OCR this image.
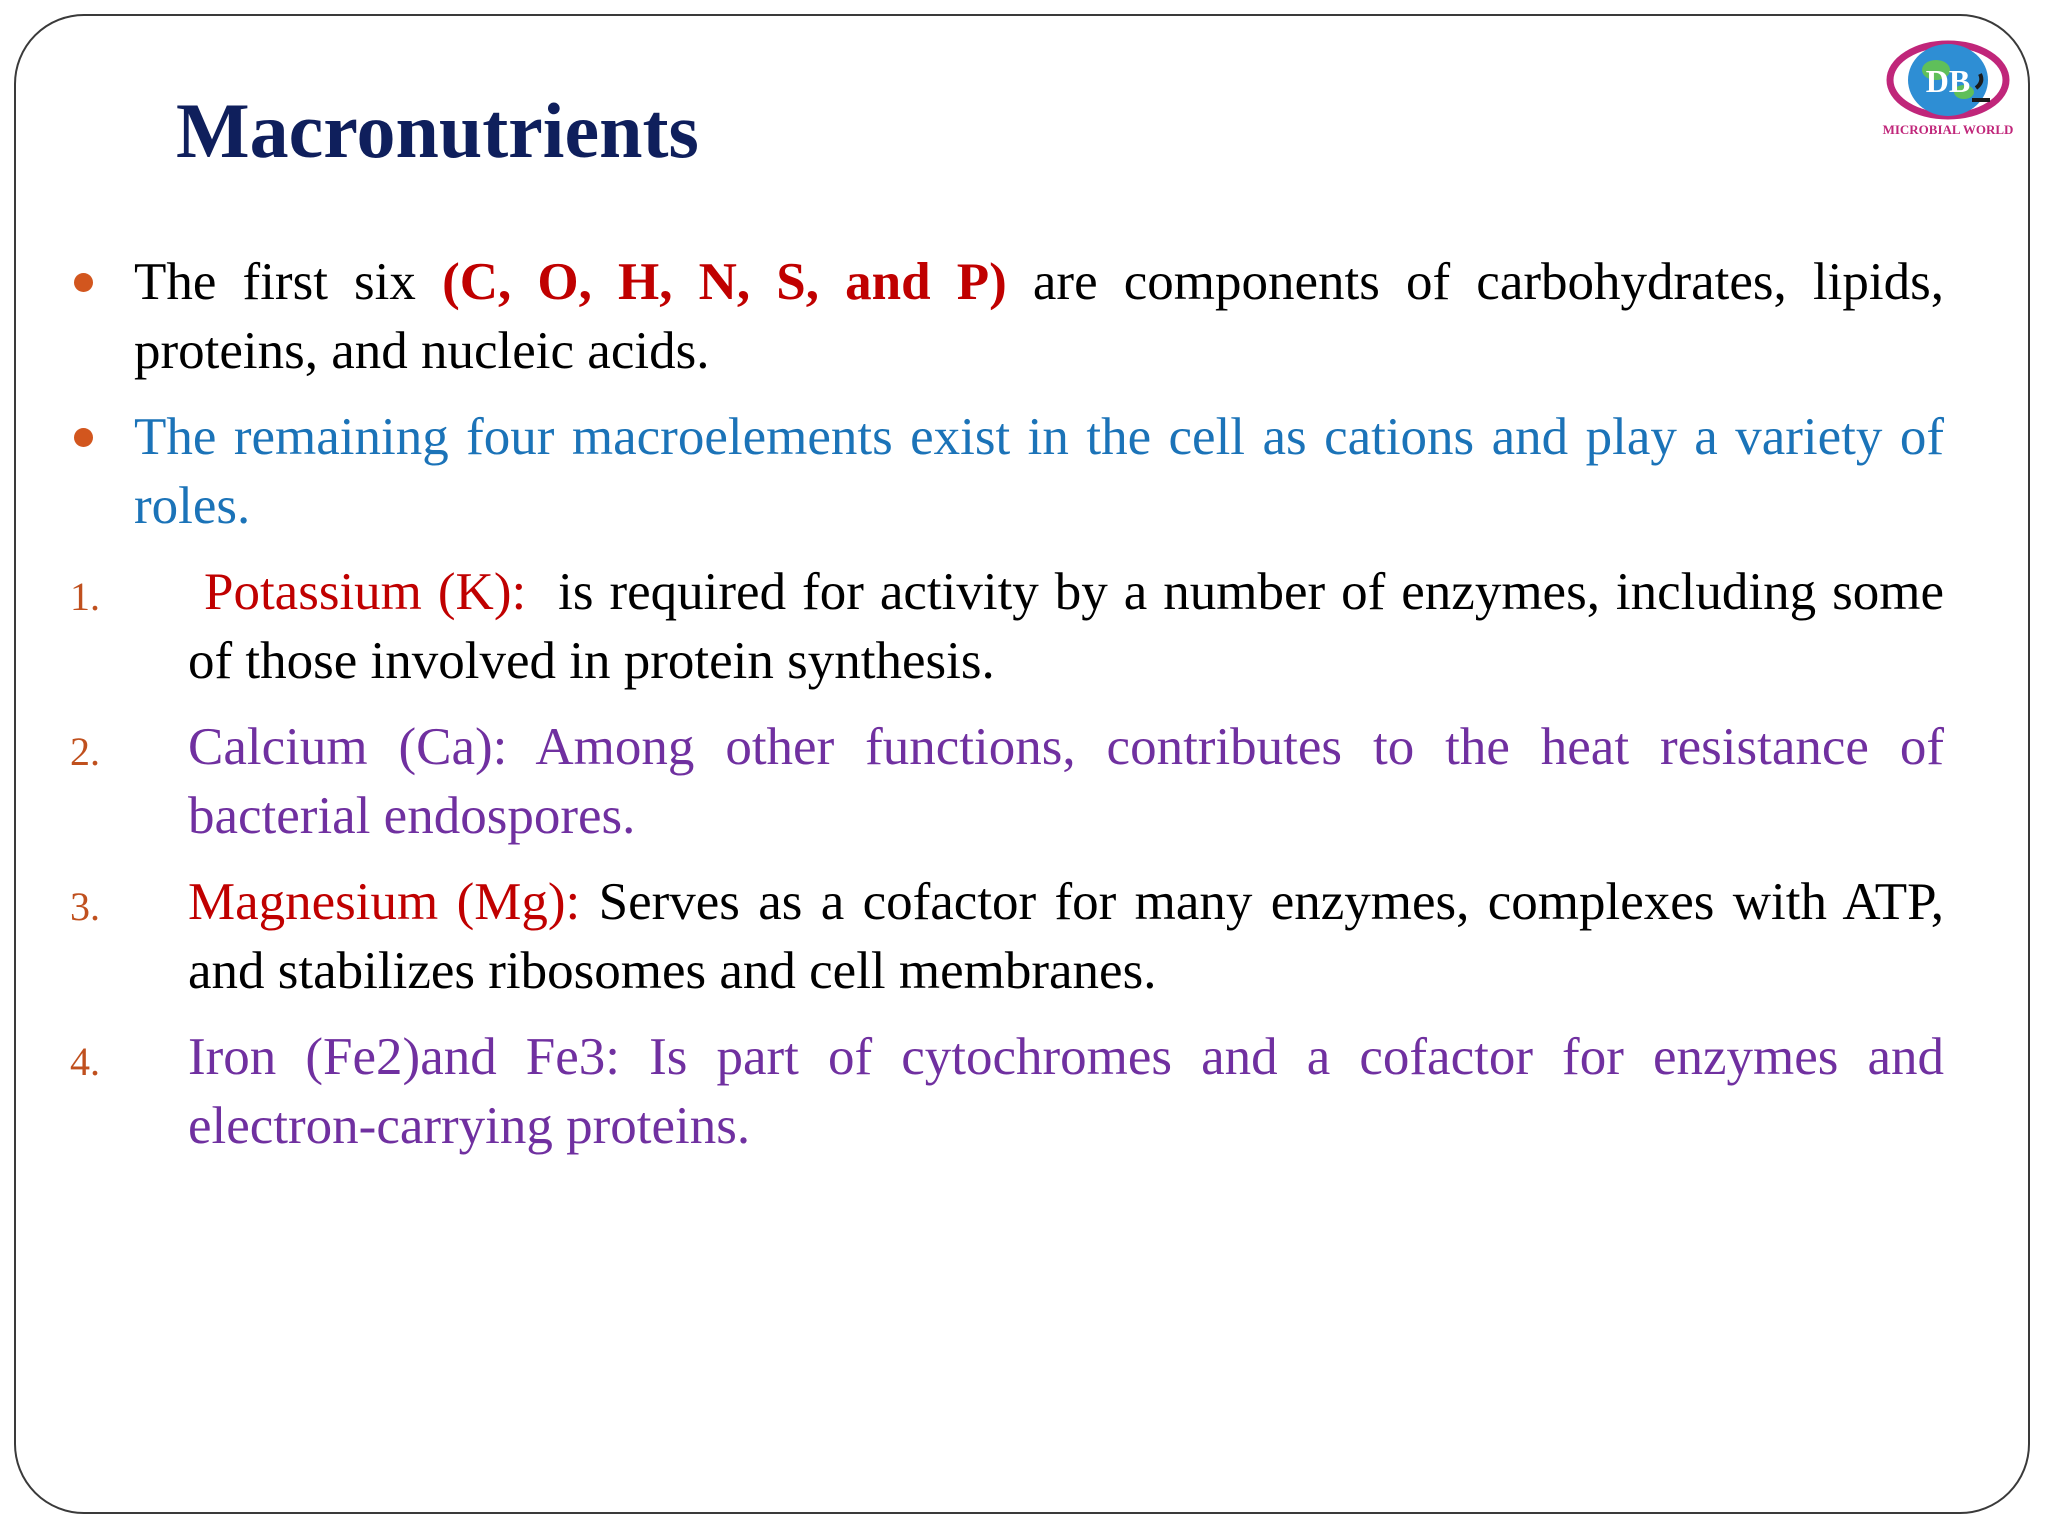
Macronutrients
DB
MICROBIAL WORLD
The first six (C, O, H, N, S, and P) are components of carbohydrates, lipids, proteins, and nucleic acids.
The remaining four macroelements exist in the cell as cations and play a variety of roles.
1. Potassium (K):  is required for activity by a number of enzymes, including some of those involved in protein synthesis.
2. Calcium (Ca): Among other functions, contributes to the heat resistance of bacterial endospores.
3. Magnesium (Mg): Serves as a cofactor for many enzymes, complexes with ATP, and stabilizes ribosomes and cell membranes.
4. Iron (Fe2)and Fe3: Is part of cytochromes and a cofactor for enzymes and electron-carrying proteins.
